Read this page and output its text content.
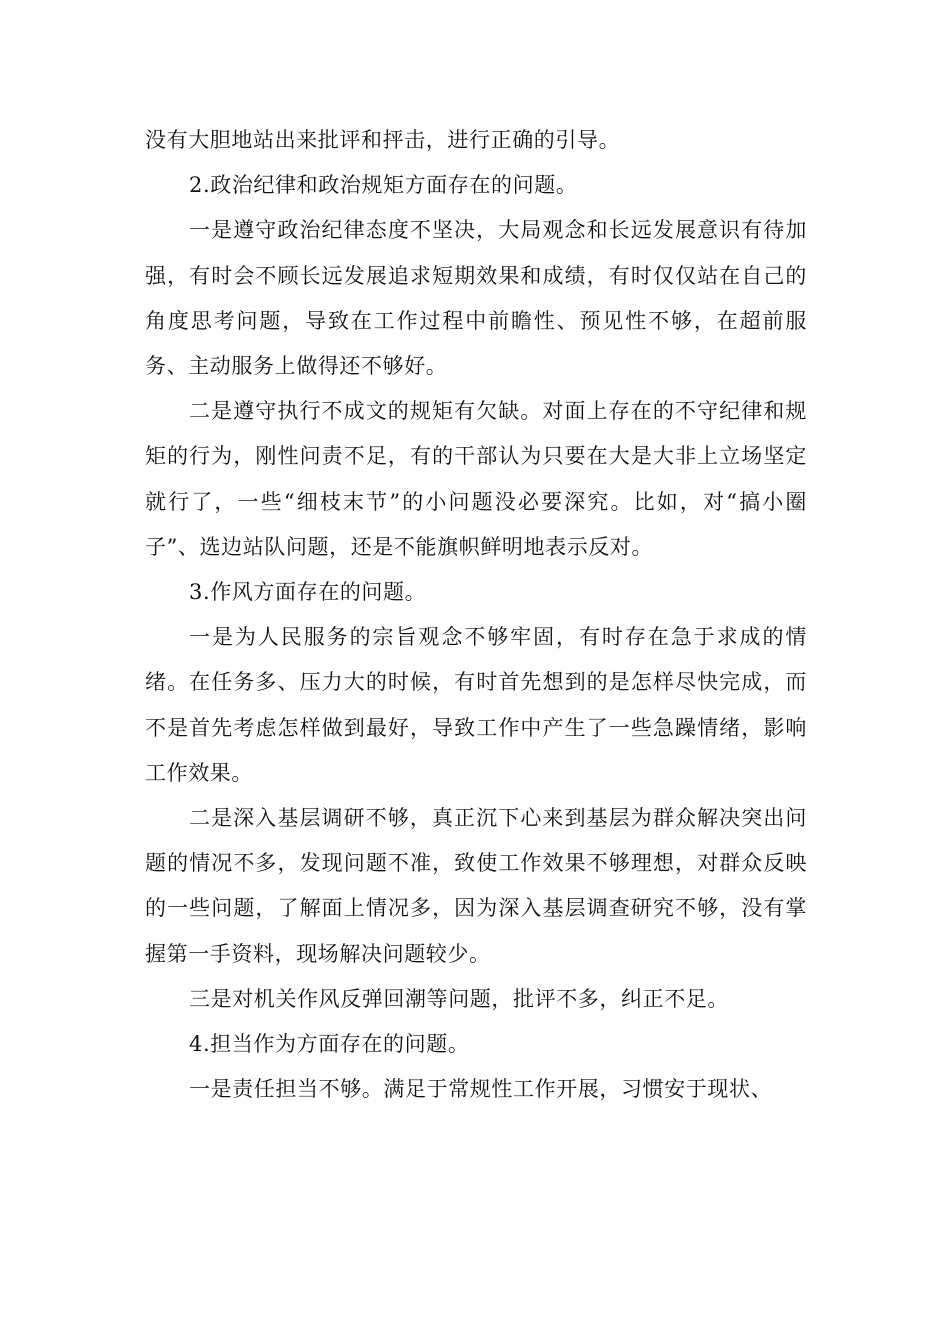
没有大胆地站出来批评和抨击，进行正确的引导。

2.政治纪律和政治规矩方面存在的问题。

一是遵守政治纪律态度不坚决，大局观念和长远发展意识有待加强，有时会不顾长远发展追求短期效果和成绩，有时仅仅站在自己的角度思考问题，导致在工作过程中前瞻性、预见性不够，在超前服务、主动服务上做得还不够好。

二是遵守执行不成文的规矩有欠缺。对面上存在的不守纪律和规矩的行为，刚性问责不足，有的干部认为只要在大是大非上立场坚定就行了，一些“细枝末节”的小问题没必要深究。比如，对“搞小圈子”、选边站队问题，还是不能旗帜鲜明地表示反对。

3.作风方面存在的问题。

一是为人民服务的宗旨观念不够牢固，有时存在急于求成的情绪。在任务多、压力大的时候，有时首先想到的是怎样尽快完成，而不是首先考虑怎样做到最好，导致工作中产生了一些急躁情绪，影响工作效果。

二是深入基层调研不够，真正沉下心来到基层为群众解决突出问题的情况不多，发现问题不准，致使工作效果不够理想，对群众反映的一些问题，了解面上情况多，因为深入基层调查研究不够，没有掌握第一手资料，现场解决问题较少。

三是对机关作风反弹回潮等问题，批评不多，纠正不足。

4.担当作为方面存在的问题。

一是责任担当不够。满足于常规性工作开展，习惯安于现状、
